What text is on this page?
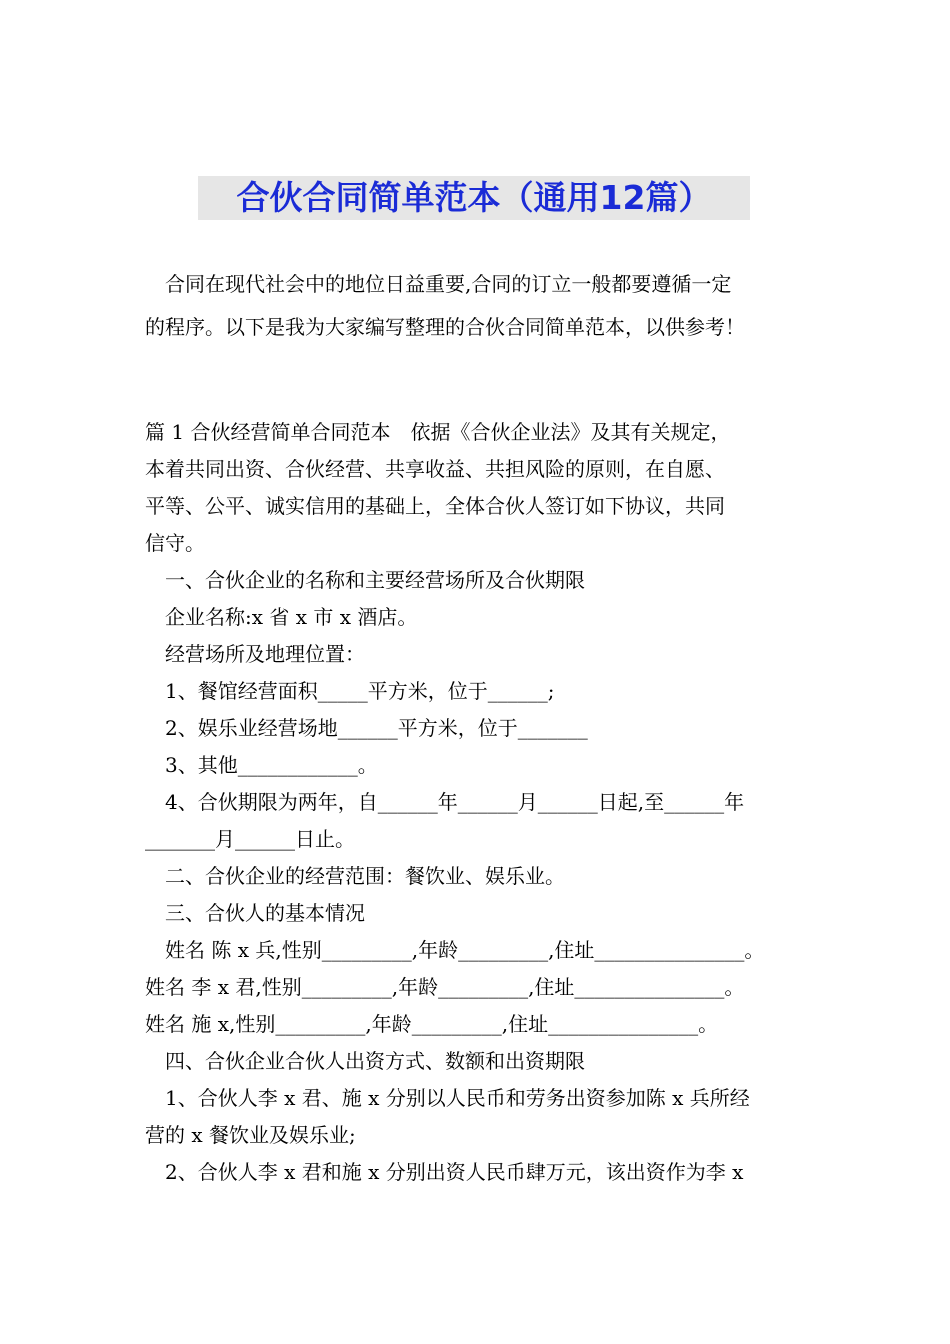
合伙合同简单范本（通用12篇）

　合同在现代社会中的地位日益重要,合同的订立一般都要遵循一定

的程序。以下是我为大家编写整理的合伙合同简单范本，以供参考！

篇 1 合伙经营简单合同范本　依据《合伙企业法》及其有关规定，

本着共同出资、合伙经营、共享收益、共担风险的原则，在自愿、

平等、公平、诚实信用的基础上，全体合伙人签订如下协议，共同

信守。

　一、合伙企业的名称和主要经营场所及合伙期限

　企业名称:x 省 x 市 x 酒店。

　经营场所及地理位置：

　1、餐馆经营面积_____平方米，位于______;

　2、娱乐业经营场地______平方米，位于_______

　3、其他____________。

　4、合伙期限为两年，自______年______月______日起,至______年

_______月______日止。

　二、合伙企业的经营范围：餐饮业、娱乐业。

　三、合伙人的基本情况

　姓名 陈 x 兵,性别_________,年龄_________,住址_______________。

姓名 李 x 君,性别_________,年龄_________,住址_______________。

姓名 施 x,性别_________,年龄_________,住址_______________。

　四、合伙企业合伙人出资方式、数额和出资期限

　1、合伙人李 x 君、施 x 分别以人民币和劳务出资参加陈 x 兵所经

营的 x 餐饮业及娱乐业;

　2、合伙人李 x 君和施 x 分别出资人民币肆万元，该出资作为李 x
